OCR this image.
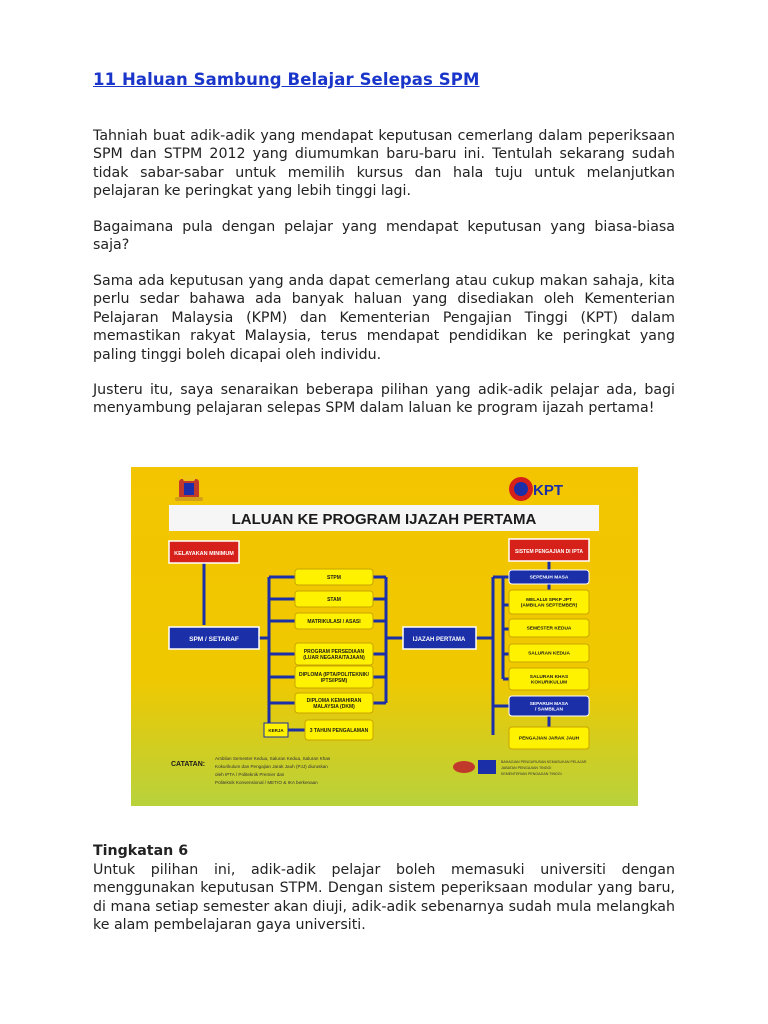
11 Haluan Sambung Belajar Selepas SPM

Tahniah buat adik-adik yang mendapat keputusan cemerlang dalam peperiksaan SPM dan STPM 2012 yang diumumkan baru-baru ini. Tentulah sekarang sudah tidak sabar-sabar untuk memilih kursus dan hala tuju untuk melanjutkan pelajaran ke peringkat yang lebih tinggi lagi.

Bagaimana pula dengan pelajar yang mendapat keputusan yang biasa-biasa saja?

Sama ada keputusan yang anda dapat cemerlang atau cukup makan sahaja, kita perlu sedar bahawa ada banyak haluan yang disediakan oleh Kementerian Pelajaran Malaysia (KPM) dan Kementerian Pengajian Tinggi (KPT) dalam memastikan rakyat Malaysia, terus mendapat pendidikan ke peringkat yang paling tinggi boleh dicapai oleh individu.

Justeru itu, saya senaraikan beberapa pilihan yang adik-adik pelajar ada, bagi menyambung pelajaran selepas SPM dalam laluan ke program ijazah pertama!

KPT
LALUAN KE PROGRAM IJAZAH PERTAMA
KELAYAKAN MINIMUM
SPM / SETARAF
STPM
STAM
MATRIKULASI / ASASI
PROGRAM PERSEDIAAN (LUAR NEGARA/TAJAAN)
DIPLOMA (IPTA/POLITEKNIK/ IPTS/IPSM)
DIPLOMA KEMAHIRAN MALAYSIA (DKM)
3 TAHUN PENGALAMAN
KERJA
IJAZAH PERTAMA
SISTEM PENGAJIAN DI IPTA
SEPENUH MASA
MELALUI SPKP JPT (AMBILAN SEPTEMBER)
SEMESTER KEDUA
SALURAN KEDUA
SALURAN KHAS KOKURIKULUM
SEPARUH MASA / SAMBILAN
PENGAJIAN JARAK JAUH
CATATAN:
Ambilan Semester Kedua, Saluran Kedua, Saluran Khas
Kokurikulum dan Pengajian Jarak Jauh (PJJ) diuruskan
oleh IPTA / Politeknik Premier dan
Politeknik Konvensional / METrO & IKA berkenaan
BAHAGIAN PENGURUSAN KEMASUKAN PELAJAR
JABATAN PENGAJIAN TINGGI
KEMENTERIAN PENGAJIAN TINGGI
Tingkatan 6

Untuk pilihan ini, adik-adik pelajar boleh memasuki universiti dengan menggunakan keputusan STPM. Dengan sistem peperiksaan modular yang baru, di mana setiap semester akan diuji, adik-adik sebenarnya sudah mula melangkah ke alam pembelajaran gaya universiti.
